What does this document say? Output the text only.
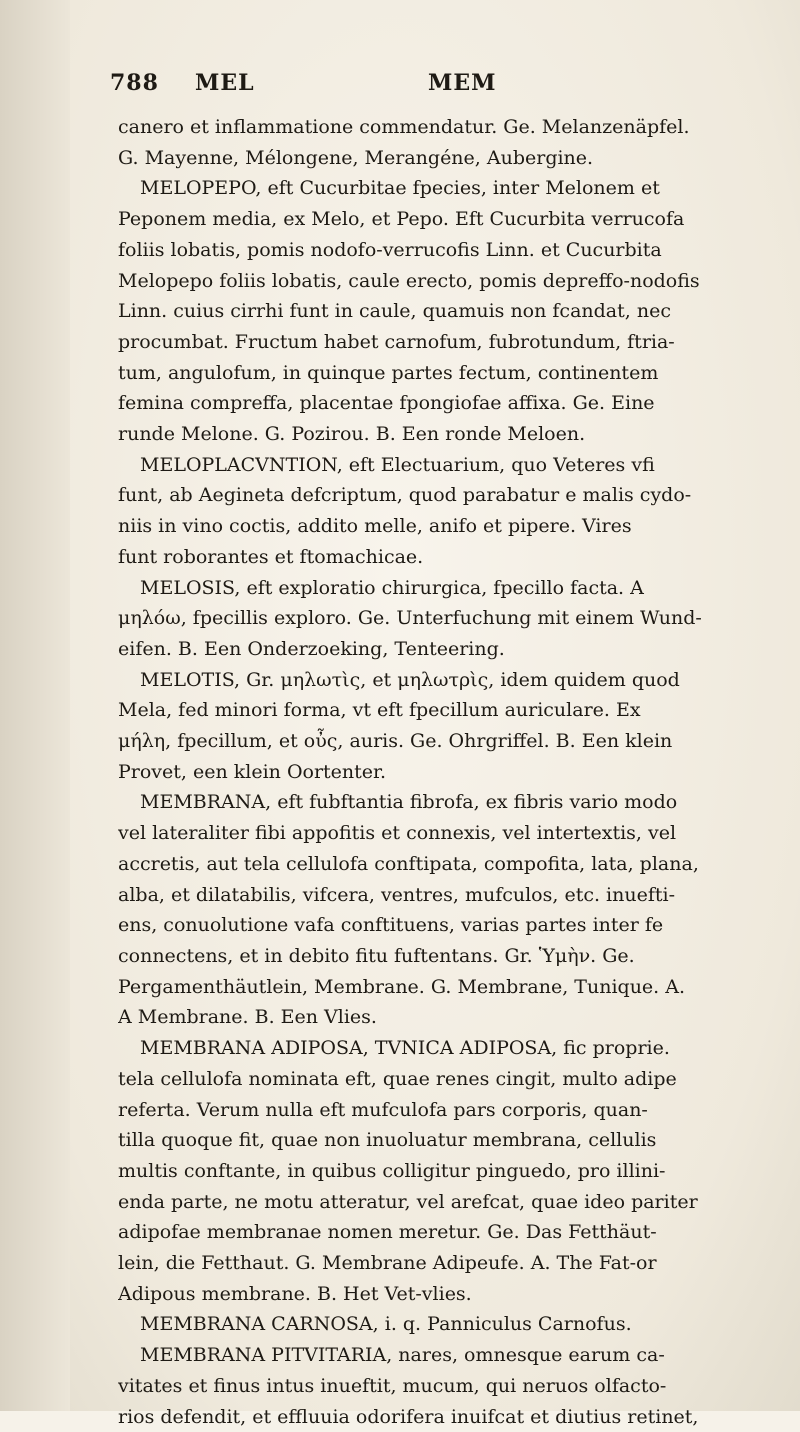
788 MEL	MEM
canero et inflammatione commendatur. Ge. Melanzenäpfel.
G. Mayenne, Mélongene, Merangéne, Aubergine.
MELOPEPO, eft Cucurbitae fpecies, inter Melonem et
Peponem media, ex Melo, et Pepo. Eft Cucurbita verrucofa
foliis lobatis, pomis nodofo-verrucofis Linn. et Cucurbita
Melopepo foliis lobatis, caule erecto, pomis depreffo-nodofis
Linn. cuius cirrhi funt in caule, quamuis non fcandat, nec
procumbat. Fructum habet carnofum, fubrotundum, ftria-
tum, angulofum, in quinque partes fectum, continentem
femina compreffa, placentae fpongiofae affixa. Ge. Eine
runde Melone. G. Pozirou. B. Een ronde Meloen.
MELOPLACVNTION, eft Electuarium, quo Veteres vfi
funt, ab Aegineta defcriptum, quod parabatur e malis cydo-
niis in vino coctis, addito melle, anifo et pipere. Vires
funt roborantes et ftomachicae.
MELOSIS, eft exploratio chirurgica, fpecillo facta. A
μηλόω, fpecillis exploro. Ge. Unterfuchung mit einem Wund-
eifen. B. Een Onderzoeking, Tenteering.
MELOTIS, Gr. μηλωτὶς, et μηλωτρὶς, idem quidem quod
Mela, fed minori forma, vt eft fpecillum auriculare. Ex
μήλη, fpecillum, et οὖς, auris. Ge. Ohrgriffel. B. Een klein
Provet, een klein Oortenter.
MEMBRANA, eft fubftantia fibrofa, ex fibris vario modo
vel lateraliter fibi appofitis et connexis, vel intertextis, vel
accretis, aut tela cellulofa conftipata, compofita, lata, plana,
alba, et dilatabilis, vifcera, ventres, mufculos, etc. inuefti-
ens, conuolutione vafa conftituens, varias partes inter fe
connectens, et in debito fitu fuftentans. Gr. Ὑμὴν. Ge.
Pergamenthäutlein, Membrane. G. Membrane, Tunique. A.
A Membrane. B. Een Vlies.
MEMBRANA ADIPOSA, TVNICA ADIPOSA, fic proprie.
tela cellulofa nominata eft, quae renes cingit, multo adipe
referta. Verum nulla eft mufculofa pars corporis, quan-
tilla quoque fit, quae non inuoluatur membrana, cellulis
multis conftante, in quibus colligitur pinguedo, pro illini-
enda parte, ne motu atteratur, vel arefcat, quae ideo pariter
adipofae membranae nomen meretur. Ge. Das Fetthäut-
lein, die Fetthaut. G. Membrane Adipeufe. A. The Fat-or
Adipous membrane. B. Het Vet-vlies.
MEMBRANA CARNOSA, i. q. Panniculus Carnofus.
MEMBRANA PITVITARIA, nares, omnesque earum ca-
vitates et finus intus inueftit, mucum, qui neruos olfacto-
rios defendit, et effluuia odorifera inuifcat et diutius retinet,
